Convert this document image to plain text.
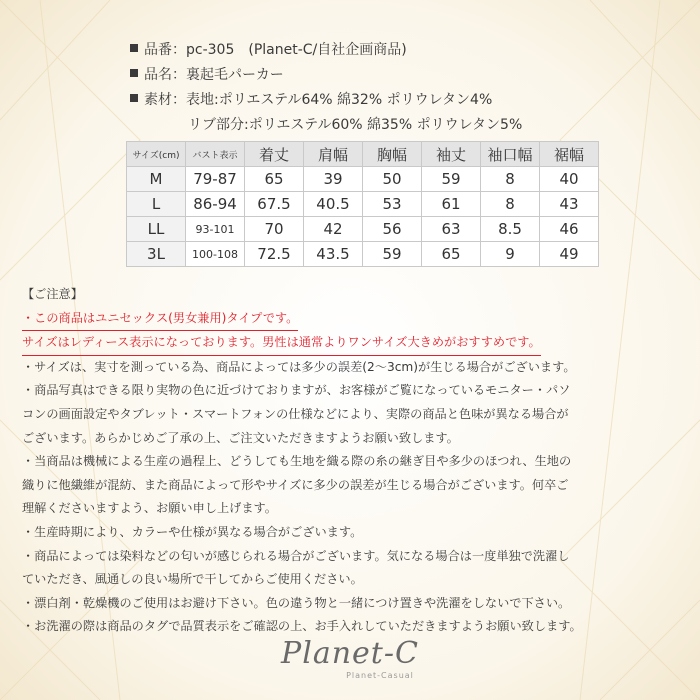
品番：pc-305　(Planet-C/自社企画商品)
品名：裏起毛パーカー
素材：表地:ポリエステル64% 綿32% ポリウレタン4%
リブ部分:ポリエステル60% 綿35% ポリウレタン5%
サイズ(cm)	バスト表示	着丈	肩幅	胸幅	袖丈	袖口幅	裾幅
M	79-87	65	39	50	59	8	40
L	86-94	67.5	40.5	53	61	8	43
LL	93-101	70	42	56	63	8.5	46
3L	100-108	72.5	43.5	59	65	9	49

【ご注意】

・この商品はユニセックス(男女兼用)タイプです。

サイズはレディース表示になっております。男性は通常よりワンサイズ大きめがおすすめです。

・サイズは、実寸を測っている為、商品によっては多少の誤差(2～3cm)が生じる場合がございます。

・商品写真はできる限り実物の色に近づけておりますが、お客様がご覧になっているモニター・パソ

コンの画面設定やタブレット・スマートフォンの仕様などにより、実際の商品と色味が異なる場合が

ございます。あらかじめご了承の上、ご注文いただきますようお願い致します。

・当商品は機械による生産の過程上、どうしても生地を織る際の糸の継ぎ目や多少のほつれ、生地の

織りに他繊維が混紡、また商品によって形やサイズに多少の誤差が生じる場合がございます。何卒ご

理解くださいますよう、お願い申し上げます。

・生産時期により、カラーや仕様が異なる場合がございます。

・商品によっては染料などの匂いが感じられる場合がございます。気になる場合は一度単独で洗濯し

ていただき、風通しの良い場所で干してからご使用ください。

・漂白剤・乾燥機のご使用はお避け下さい。色の違う物と一緒につけ置きや洗濯をしないで下さい。

・お洗濯の際は商品のタグで品質表示をご確認の上、お手入れしていただきますようお願い致します。

Planet-C
Planet-Casual
